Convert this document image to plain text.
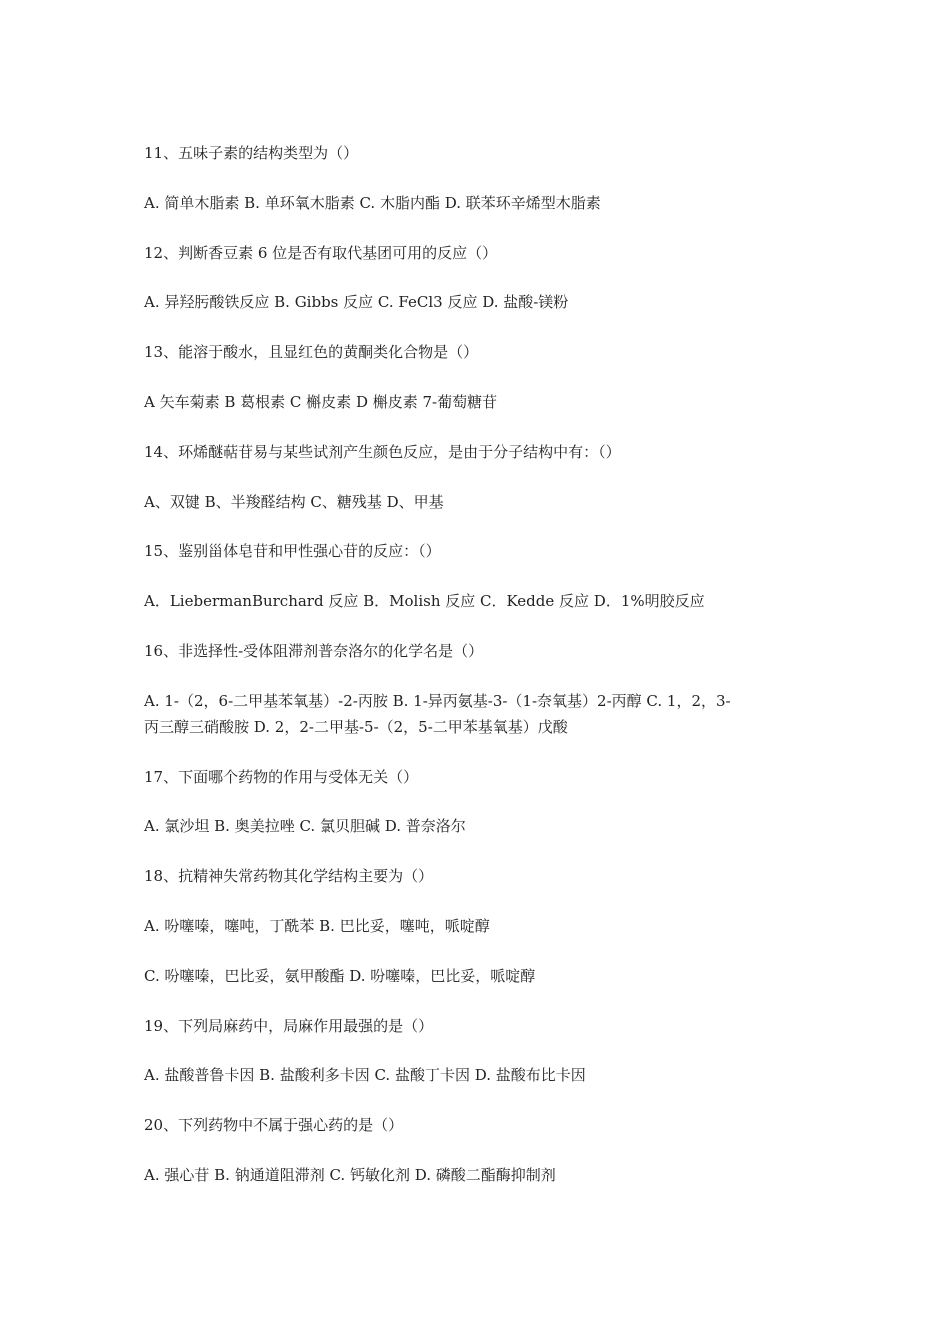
11、五味子素的结构类型为（）

A. 简单木脂素 B. 单环氧木脂素 C. 木脂内酯 D. 联苯环辛烯型木脂素

12、判断香豆素 6 位是否有取代基团可用的反应（）

A. 异羟肟酸铁反应 B. Gibbs 反应 C. FeCl3 反应 D. 盐酸-镁粉

13、能溶于酸水，且显红色的黄酮类化合物是（）

A 矢车菊素 B 葛根素 C 槲皮素 D 槲皮素 7-葡萄糖苷

14、环烯醚萜苷易与某些试剂产生颜色反应，是由于分子结构中有：（）

A、双键 B、半羧醛结构 C、糖残基 D、甲基

15、鉴别甾体皂苷和甲性强心苷的反应：（）

A．LiebermanBurchard 反应 B．Molish 反应 C．Kedde 反应 D．1%明胶反应

16、非选择性-受体阻滞剂普奈洛尔的化学名是（）

A. 1-（2，6-二甲基苯氧基）-2-丙胺 B. 1-异丙氨基-3-（1-奈氧基）2-丙醇 C. 1，2，3-

丙三醇三硝酸胺 D. 2，2-二甲基-5-（2，5-二甲苯基氧基）戊酸

17、下面哪个药物的作用与受体无关（）

A. 氯沙坦 B. 奥美拉唑 C. 氯贝胆碱 D. 普奈洛尔

18、抗精神失常药物其化学结构主要为（）

A. 吩噻嗪，噻吨，丁酰苯 B. 巴比妥，噻吨，哌啶醇

C. 吩噻嗪，巴比妥，氨甲酸酯 D. 吩噻嗪，巴比妥，哌啶醇

19、下列局麻药中，局麻作用最强的是（）

A. 盐酸普鲁卡因 B. 盐酸利多卡因 C. 盐酸丁卡因 D. 盐酸布比卡因

20、下列药物中不属于强心药的是（）

A. 强心苷 B. 钠通道阻滞剂 C. 钙敏化剂 D. 磷酸二酯酶抑制剂
